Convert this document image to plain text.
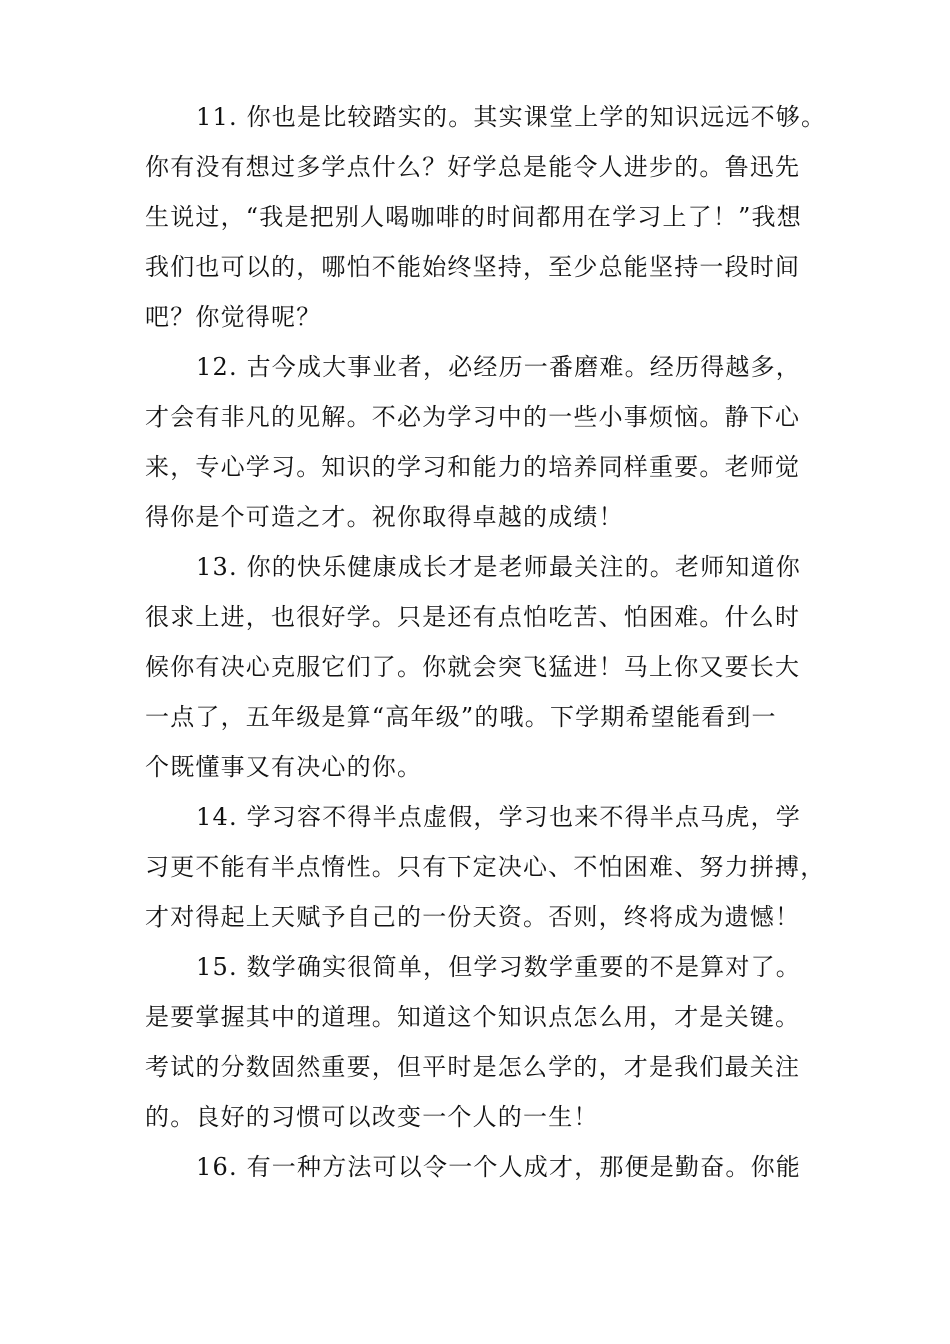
11. 你也是比较踏实的。其实课堂上学的知识远远不够。
你有没有想过多学点什么？好学总是能令人进步的。鲁迅先
生说过，“我是把别人喝咖啡的时间都用在学习上了！”我想
我们也可以的，哪怕不能始终坚持，至少总能坚持一段时间
吧？你觉得呢？
12. 古今成大事业者，必经历一番磨难。经历得越多，
才会有非凡的见解。不必为学习中的一些小事烦恼。静下心
来，专心学习。知识的学习和能力的培养同样重要。老师觉
得你是个可造之才。祝你取得卓越的成绩！
13. 你的快乐健康成长才是老师最关注的。老师知道你
很求上进，也很好学。只是还有点怕吃苦、怕困难。什么时
候你有决心克服它们了。你就会突飞猛进！马上你又要长大
一点了，五年级是算“高年级”的哦。下学期希望能看到一
个既懂事又有决心的你。
14. 学习容不得半点虚假，学习也来不得半点马虎，学
习更不能有半点惰性。只有下定决心、不怕困难、努力拼搏，
才对得起上天赋予自己的一份天资。否则，终将成为遗憾！
15. 数学确实很简单，但学习数学重要的不是算对了。
是要掌握其中的道理。知道这个知识点怎么用，才是关键。
考试的分数固然重要，但平时是怎么学的，才是我们最关注
的。良好的习惯可以改变一个人的一生！
16. 有一种方法可以令一个人成才，那便是勤奋。你能
